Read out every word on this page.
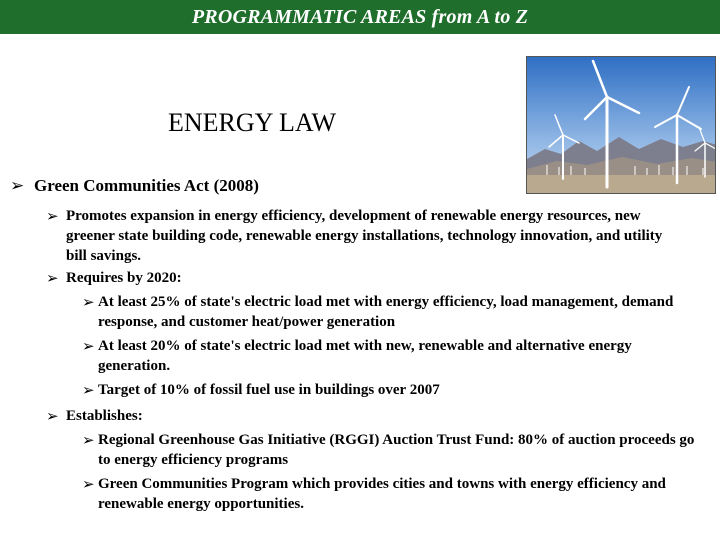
PROGRAMMATIC AREAS from A to Z
ENERGY LAW
➢ Green Communities Act (2008)
➢ Promotes expansion in energy efficiency, development of renewable energy resources, new greener state building code, renewable energy installations, technology innovation, and utility bill savings.
➢ Requires by 2020:
➢ At least 25% of state's electric load met with energy efficiency, load management, demand response, and customer heat/power generation
➢ At least 20% of state's electric load met with new, renewable and alternative energy generation.
➢ Target of 10% of fossil fuel use in buildings over 2007
➢ Establishes:
➢ Regional Greenhouse Gas Initiative (RGGI) Auction Trust Fund: 80% of auction proceeds go to energy efficiency programs
➢ Green Communities Program which provides cities and towns with energy efficiency and renewable energy opportunities.
